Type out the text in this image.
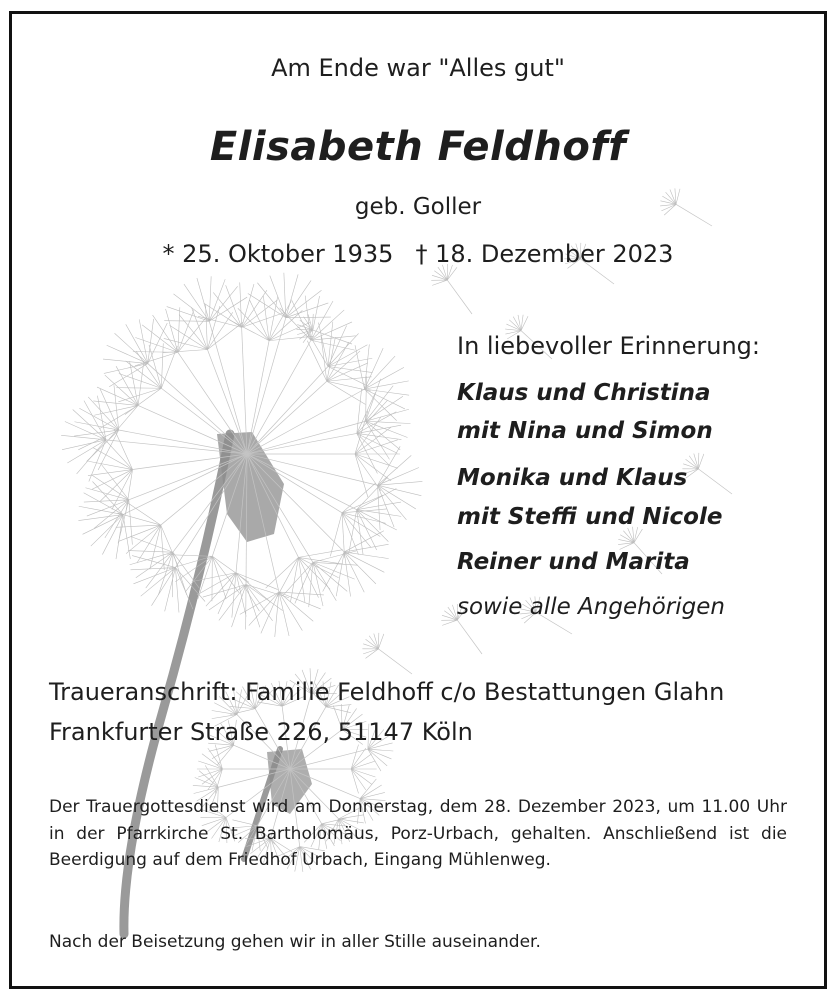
Am Ende war "Alles gut"
Elisabeth Feldhoff
geb. Goller
* 25. Oktober 1935 † 18. Dezember 2023
In liebevoller Erinnerung:
Klaus und Christina
mit Nina und Simon
Monika und Klaus
mit Steffi und Nicole
Reiner und Marita
sowie alle Angehörigen
Traueranschrift: Familie Feldhoff c/o Bestattungen Glahn
Frankfurter Straße 226, 51147 Köln
Der Trauergottesdienst wird am Donnerstag, dem 28. Dezember 2023, um 11.00 Uhr in der Pfarrkirche St. Bartholomäus, Porz-Urbach, gehalten. Anschließend ist die Beerdigung auf dem Friedhof Urbach, Eingang Mühlenweg.
Nach der Beisetzung gehen wir in aller Stille auseinander.
